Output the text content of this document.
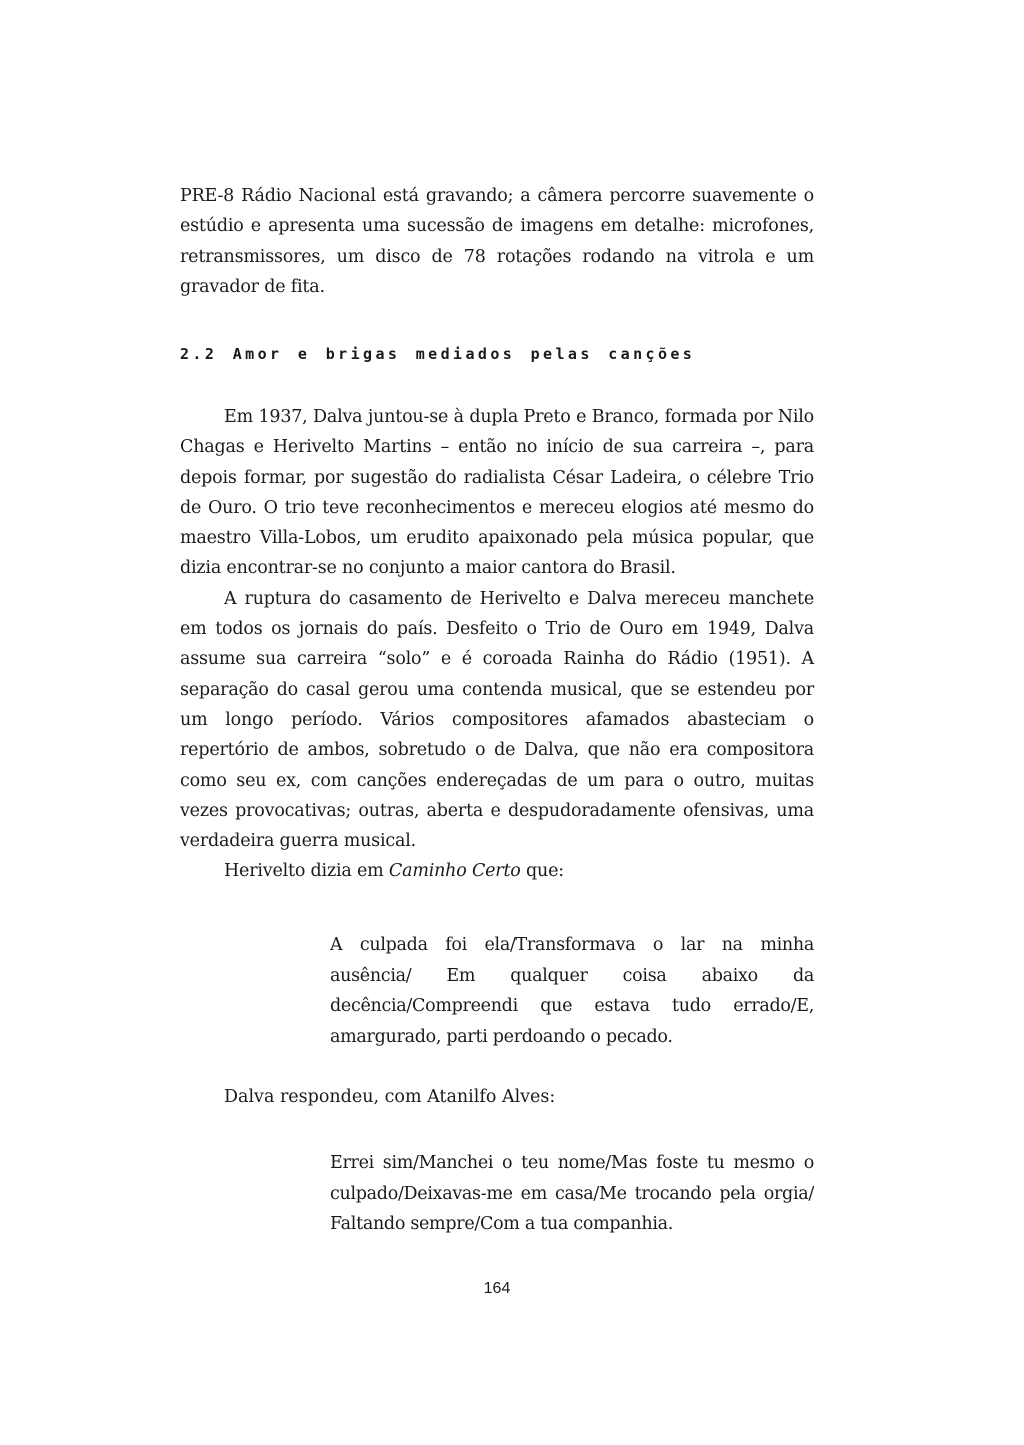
PRE-8 Rádio Nacional está gravando; a câmera percorre suavemente o estúdio e apresenta uma sucessão de imagens em detalhe: microfones, retransmissores, um disco de 78 rotações rodando na vitrola e um gravador de fita.

2.2 Amor e brigas mediados pelas canções

Em 1937, Dalva juntou-se à dupla Preto e Branco, formada por Nilo Chagas e Herivelto Martins – então no início de sua carreira –, para depois formar, por sugestão do radialista César Ladeira, o célebre Trio de Ouro. O trio teve reconhecimentos e mereceu elogios até mesmo do maestro Villa-Lobos, um erudito apaixonado pela música popular, que dizia encontrar-se no conjunto a maior cantora do Brasil.

A ruptura do casamento de Herivelto e Dalva mereceu manchete em todos os jornais do país. Desfeito o Trio de Ouro em 1949, Dalva assume sua carreira “solo” e é coroada Rainha do Rádio (1951). A separação do casal gerou uma contenda musical, que se estendeu por um longo período. Vários compositores afamados abasteciam o repertório de ambos, sobretudo o de Dalva, que não era compositora como seu ex, com canções endereçadas de um para o outro, muitas vezes provocativas; outras, aberta e despudoradamente ofensivas, uma verdadeira guerra musical.

Herivelto dizia em Caminho Certo que:

A culpada foi ela/Transformava o lar na minha ausência/ Em qualquer coisa abaixo da decência/Compreendi que estava tudo errado/E, amargurado, parti perdoando o pecado.

Dalva respondeu, com Atanilfo Alves:

Errei sim/Manchei o teu nome/Mas foste tu mesmo o culpado/Deixavas-me em casa/Me trocando pela orgia/ Faltando sempre/Com a tua companhia.

164
